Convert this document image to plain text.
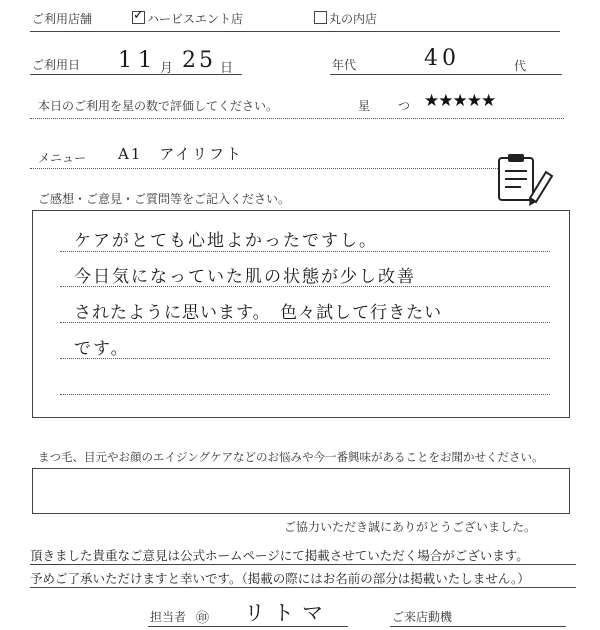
ご利用店舗
✓	ハービスエント店	丸の内店
ご利用日 11 月 25 日	年代	40	代
本日のご利用を星の数で評価してください。	星 つ ★★★★★
メニュー A1　アイリフト
ご感想・ご意見・ご質問等をご記入ください。
ケアがとても心地よかったですし。
今日気になっていた肌の状態が少し改善
されたように思います。　色々試して行きたい
です。
まつ毛、目元やお顔のエイジングケアなどのお悩みや今一番興味があることをお聞かせください。
ご協力いただき誠にありがとうございました。
頂きました貴重なご意見は公式ホームページにて掲載させていただく場合がございます。
予めご了承いただけますと幸いです。（掲載の際にはお名前の部分は掲載いたしません。）
担当者 ㊞ リトマ	ご来店動機
